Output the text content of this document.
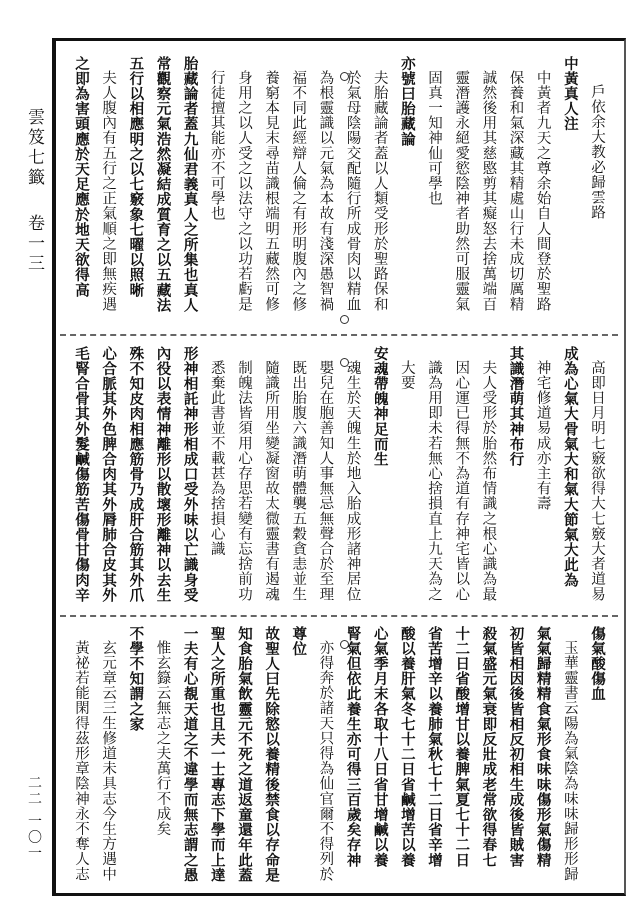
雲笈七籤 卷一三
二二 一〇一
戶依余大教必歸雲路
中黃真人注
中黃者九天之尊余始自人間登於聖路
保養和氣深藏其精處山行未成切厲精
誠然後用其慈愍剪其癡怒去捨萬端百
靈潛護永絕愛慾陰神者助然可服靈氣
固真一知神仙可學也
亦號曰胎藏論
夫胎藏論者蓋以人類受形於聖路保和
於氣母陰陽交配隨行所成骨肉以精血
為根靈識以元氣為本故有淺深愚智禍
福不同此經辯人倫之有形明腹內之修
養窮本見末尋苗識根端明五藏然可修
身用之以人受之以法守之以功若虧是
行徒擅其能亦不可學也
胎藏論者蓋九仙君義真人之所集也真人
常觀察元氣浩然凝結成質育之以五藏法
五行以相應明之以七竅象七曜以照晰
夫人腹內有五行之正氣順之即無疾遇
之即為害頭應於天足應於地天欲得高
高即日月明七竅欲得大七竅大者道易
成為心氣大骨氣大和氣大節氣大此為
神宅修道易成亦主有壽
其識潛萌其神布行
夫人受形於胎然布情識之根心識為最
因心運已得無不為道有存神宅皆以心
識為用即未若無心捨損直上九天為之
大要
安魂帶魄神足而生
魂生於天魄生於地入胎成形諸神居位
嬰兒在胞善知人事無忌無聲合於至理
既出胎腹六識潛萌體襲五穀貪恚並生
隨識所用坐變凝窗故太微靈書有遏魂
制魄法皆須用心存思若變有忘捨前功
悉棄此書並不載甚為捨損心識
形神相託神形相成口受外味以亡識身受
內役以表情神離形以散壞形離神以去生
殊不知皮肉相應筋骨乃成肝合筋其外爪
心合脈其外色脾合肉其外脣肺合皮其外
毛腎合骨其外髮鹹傷筋苦傷骨甘傷肉辛
傷氣酸傷血
玉華靈書云陽為氣陰為味味歸形形歸
氣氣歸精精食氣形食味味傷形氣傷精
初皆相因後皆相反初相生成後皆賊害
殺氣盛元氣衰即反壯成老常欲得春七
十二日省酸增甘以養脾氣夏七十二日
省苦增辛以養肺氣秋七十二日省辛增
酸以養肝氣冬七十二日省鹹增苦以養
心氣季月末各取十八日省甘增鹹以養
腎氣但依此養生亦可得三百歲矣存神
亦得奔於諸天只得為仙官爾不得列於
尊位
故聖人曰先除慾以養精後禁食以存命是
知食胎氣飲靈元不死之道返童還年此蓋
聖人之所重也且夫一士專志下學而上達
一夫有心覩天道之不違學而無志謂之愚
惟玄籙云無志之夫萬行不成矣
不學不知謂之家
玄元章云三生修道未具志今生方遇中
黃祕若能閑得茲形章陰神永不奪人志
